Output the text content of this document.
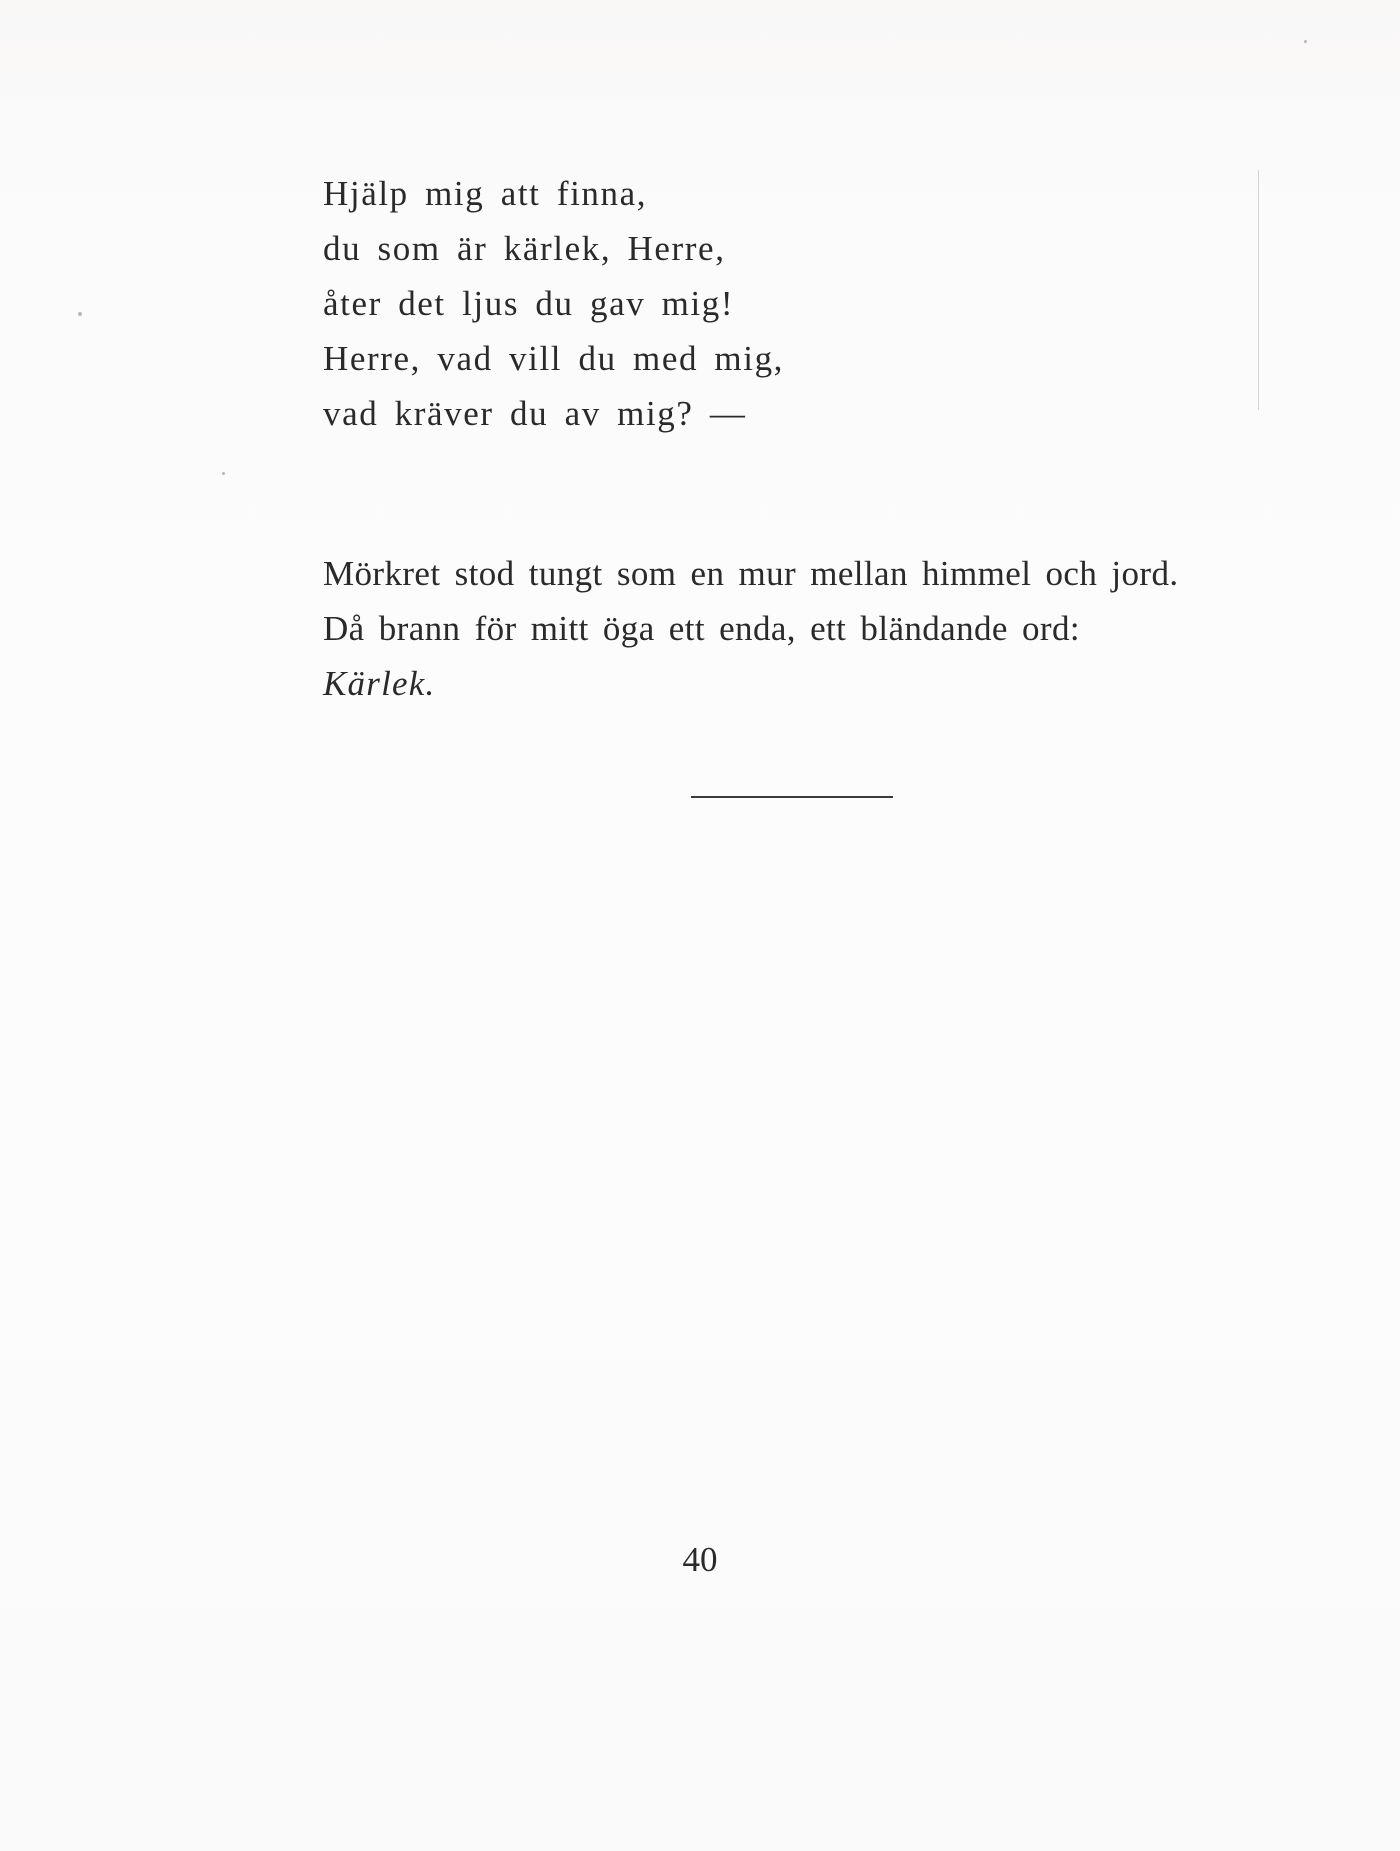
Hjälp mig att finna,
du som är kärlek, Herre,
åter det ljus du gav mig!
Herre, vad vill du med mig,
vad kräver du av mig? —
Mörkret stod tungt som en mur mellan himmel och jord.
Då brann för mitt öga ett enda, ett bländande ord:
Kärlek.
40
